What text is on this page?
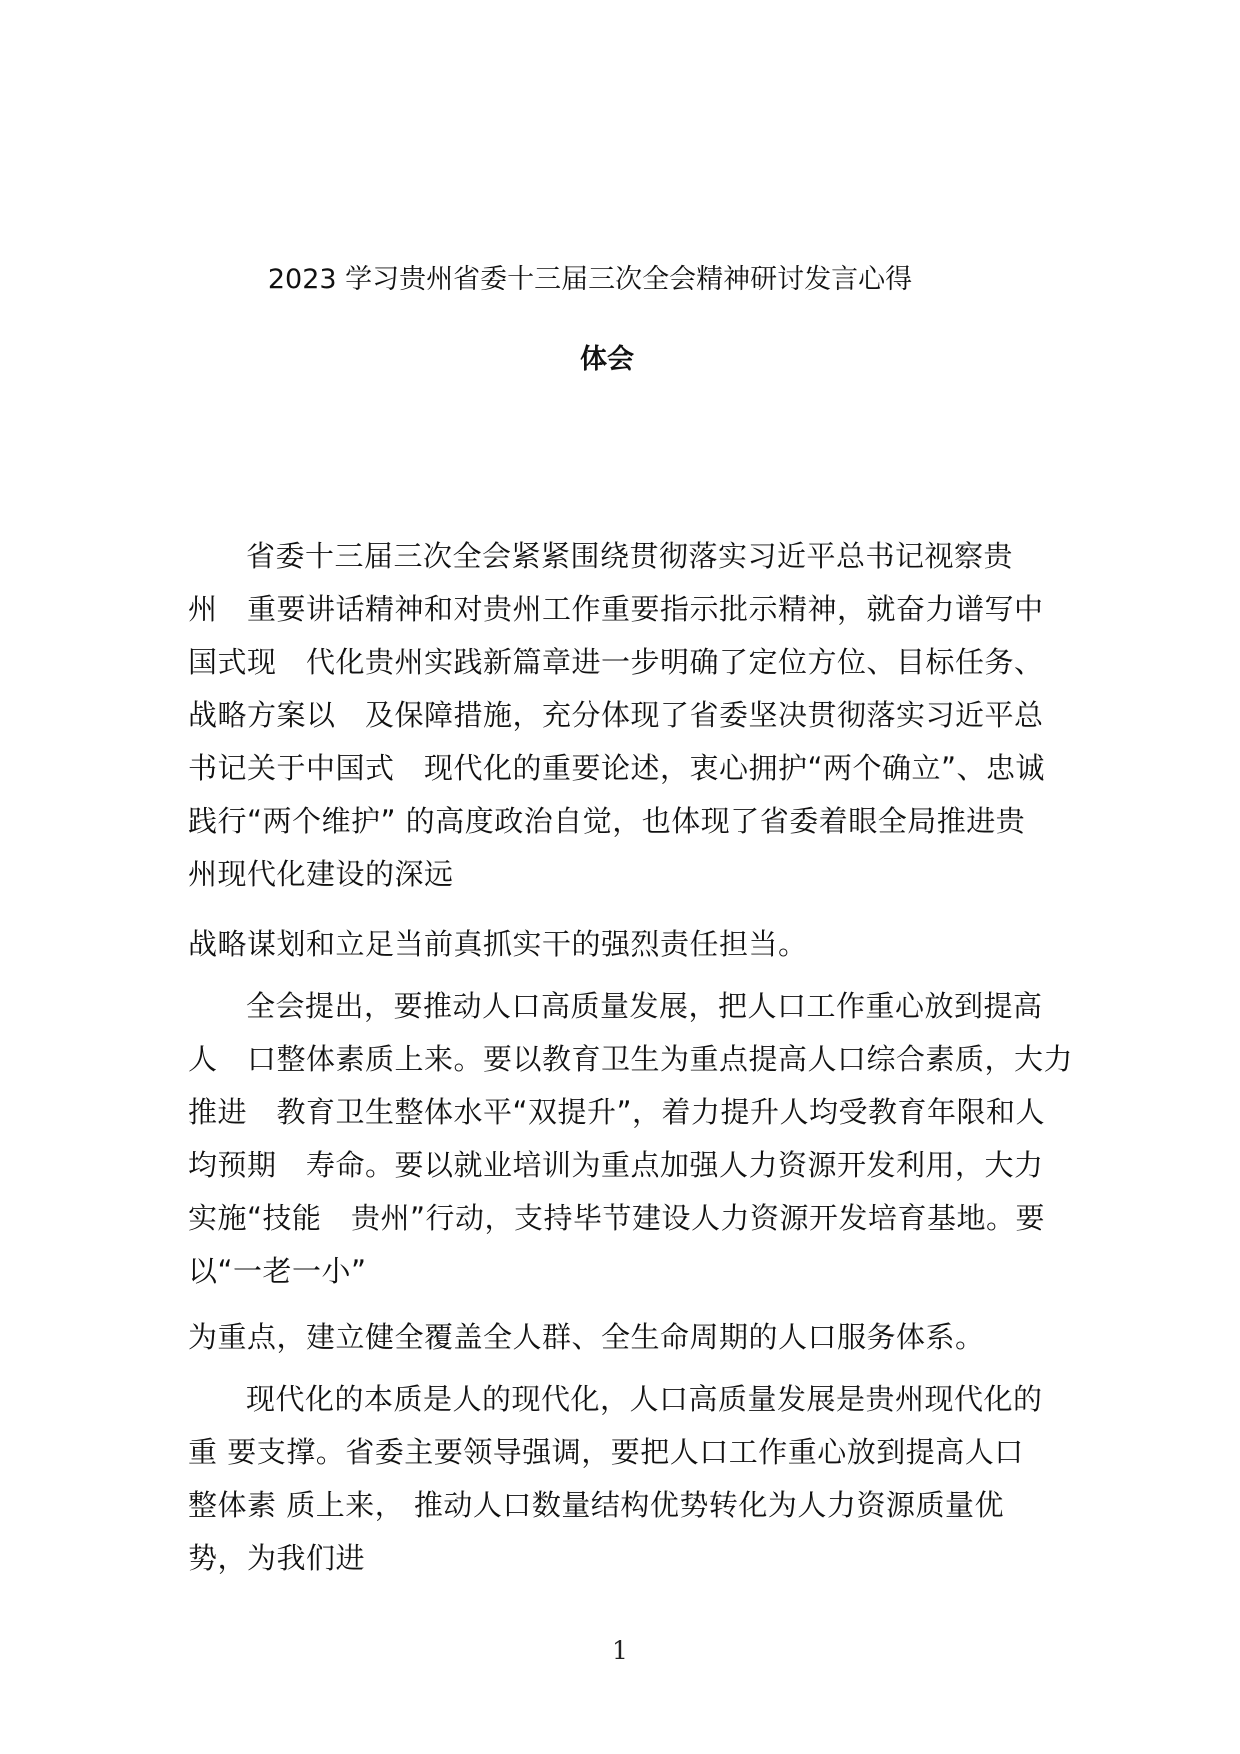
2023 学习贵州省委十三届三次全会精神研讨发言心得
体会
省委十三届三次全会紧紧围绕贯彻落实习近平总书记视察贵
州　重要讲话精神和对贵州工作重要指示批示精神，就奋力谱写中
国式现　代化贵州实践新篇章进一步明确了定位方位、目标任务、
战略方案以　及保障措施，充分体现了省委坚决贯彻落实习近平总
书记关于中国式　现代化的重要论述，衷心拥护“两个确立”、忠诚
践行“两个维护” 的高度政治自觉，也体现了省委着眼全局推进贵
州现代化建设的深远
战略谋划和立足当前真抓实干的强烈责任担当。
全会提出，要推动人口高质量发展，把人口工作重心放到提高
人　口整体素质上来。要以教育卫生为重点提高人口综合素质，大力
推进　教育卫生整体水平“双提升”，着力提升人均受教育年限和人
均预期　寿命。要以就业培训为重点加强人力资源开发利用，大力
实施“技能　贵州”行动，支持毕节建设人力资源开发培育基地。要
以“一老一小”
为重点，建立健全覆盖全人群、全生命周期的人口服务体系。
现代化的本质是人的现代化，人口高质量发展是贵州现代化的
重 要支撑。省委主要领导强调，要把人口工作重心放到提高人口
整体素 质上来， 推动人口数量结构优势转化为人力资源质量优
势，为我们进
1
